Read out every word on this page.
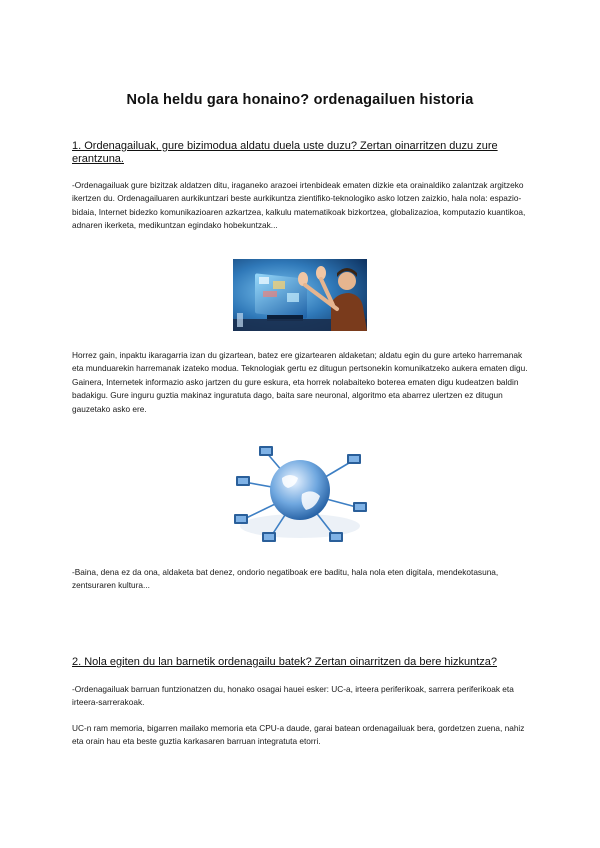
Nola heldu gara honaino? ordenagailuen historia

1. Ordenagailuak, gure bizimodua aldatu duela uste duzu? Zertan oinarritzen duzu zure erantzuna.

-Ordenagailuak gure bizitzak aldatzen ditu, iraganeko arazoei irtenbideak ematen dizkie eta orainaldiko zalantzak argitzeko ikertzen du. Ordenagailuaren aurkikuntzari beste aurkikuntza zientifiko-teknologiko asko lotzen zaizkio, hala nola: espazio-bidaia, Internet bidezko komunikazioaren azkartzea, kalkulu matematikoak bizkortzea, globalizazioa, komputazio kuantikoa, adnaren ikerketa, medikuntzan egindako hobekuntzak...

Horrez gain, inpaktu ikaragarria izan du gizartean, batez ere gizartearen aldaketan; aldatu egin du gure arteko harremanak eta munduarekin harremanak izateko modua. Teknologiak gertu ez ditugun pertsonekin komunikatzeko aukera ematen digu. Gainera, Internetek informazio asko jartzen du gure eskura, eta horrek nolabaiteko boterea ematen digu kudeatzen baldin badakigu. Gure inguru guztia makinaz inguratuta dago, baita sare neuronal, algoritmo eta abarrez ulertzen ez ditugun gauzetako asko ere.

-Baina, dena ez da ona, aldaketa bat denez, ondorio negatiboak ere baditu, hala nola eten digitala, mendekotasuna, zentsuraren kultura...

2. Nola egiten du lan barnetik ordenagailu batek? Zertan oinarritzen da bere hizkuntza?

-Ordenagailuak barruan funtzionatzen du, honako osagai hauei esker: UC-a, irteera periferikoak, sarrera periferikoak eta irteera-sarrerakoak.

UC-n ram memoria, bigarren mailako memoria eta CPU-a daude, garai batean ordenagailuak bera, gordetzen zuena, nahiz eta orain hau eta beste guztia karkasaren barruan integratuta etorri.
